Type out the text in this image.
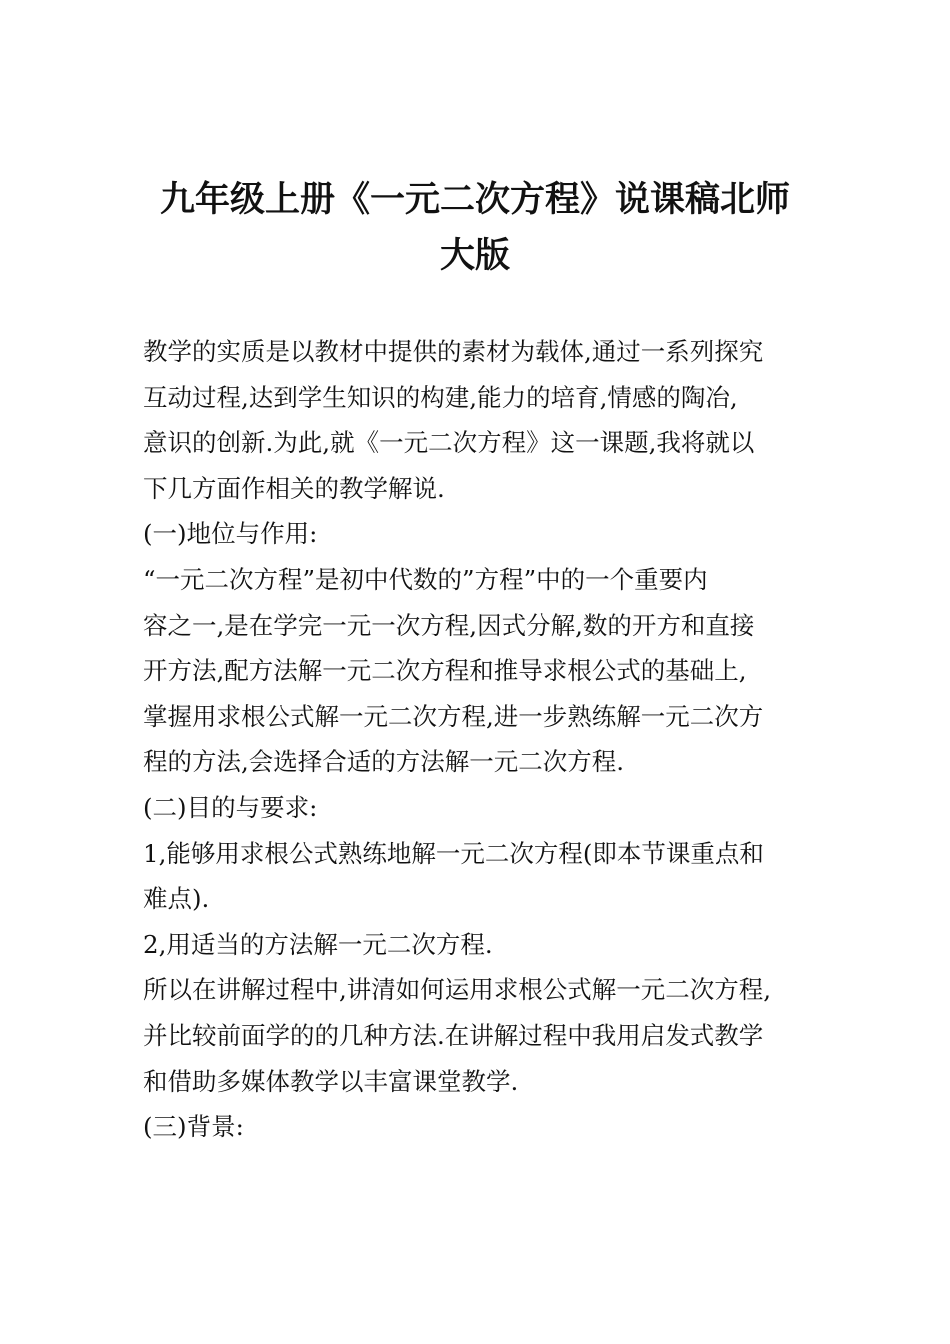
九年级上册《一元二次方程》说课稿北师
大版

教学的实质是以教材中提供的素材为载体,通过一系列探究
互动过程,达到学生知识的构建,能力的培育,情感的陶冶,
意识的创新.为此,就《一元二次方程》这一课题,我将就以
下几方面作相关的教学解说.

(一)地位与作用:

“一元二次方程”是初中代数的”方程”中的一个重要内
容之一,是在学完一元一次方程,因式分解,数的开方和直接
开方法,配方法解一元二次方程和推导求根公式的基础上,
掌握用求根公式解一元二次方程,进一步熟练解一元二次方
程的方法,会选择合适的方法解一元二次方程.

(二)目的与要求:

1,能够用求根公式熟练地解一元二次方程(即本节课重点和
难点).

2,用适当的方法解一元二次方程.

所以在讲解过程中,讲清如何运用求根公式解一元二次方程,
并比较前面学的的几种方法.在讲解过程中我用启发式教学
和借助多媒体教学以丰富课堂教学.

(三)背景:
